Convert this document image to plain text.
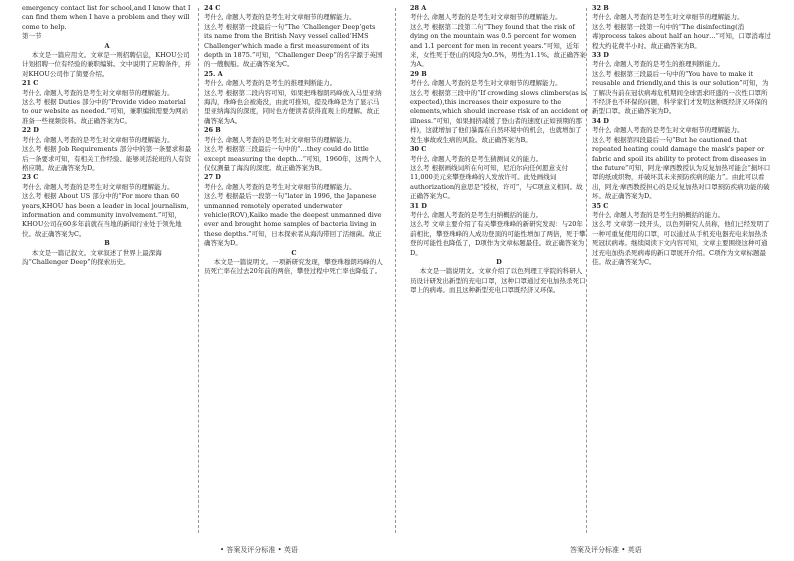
emergency contact list for school,and I know that I can find them when I have a problem and they will come to help.

第一节

A

本文是一篇应用文。文章是一则招聘信息，KHOU公司计划招聘一位有经验的兼职编辑。文中说明了应聘条件，并对KHOU公司作了简要介绍。

21 C

考什么 命题人考查的是考生对文章细节的理解能力。

这么考 根据 Duties 部分中的“Provide video material to our website as needed.”可知，兼职编辑需要为网站准备一些视频资料。故正确答案为C。

22 D

考什么 命题人考查的是考生对文章细节的理解能力。

这么考 根据 Job Requirements 部分中的第一条要求和最后一条要求可知，有相关工作经验、能够灵活轮班的人有资格应聘。故正确答案为D。

23 C

考什么 命题人考查的是考生对文章细节的理解能力。

这么考 根据 About US 部分中的“For more than 60 years,KHOU has been a leader in local journalism, information and community involvement.”可知，KHOU公司在60多年前就在当地的新闻行业处于领先地位。故正确答案为C。

B

本文是一篇记叙文。文章叙述了世界上最深海沟“Challenger Deep”的探索历史。

24 C

考什么 命题人考查的是考生对文章细节的理解能力。

这么考 根据第一段最后一句“The ‘Challenger Deep’gets its name from the British Navy vessel called‘HMS Challenger’which made a first measurement of its depth in 1875.”可知，“Challenger Deep”的名字源于英国的一艘舰船。故正确答案为C。

25. A

考什么 命题人考查的是考生的推理判断能力。

这么考 根据第二段内容可知，如果把珠穆朗玛峰放入马里亚纳海沟，珠峰也会被淹没，由此可推知，提及珠峰是为了显示马里亚纳海沟的深度，同时也方便读者获得直观上的理解。故正确答案为A。

26 B

考什么 命题人考查的是考生对文章细节的理解能力。

这么考 根据第三段最后一句中的“…they could do little except measuring the depth...”可知，1960年，这两个人仅仅测量了海沟的深度。故正确答案为B。

27 D

考什么 命题人考查的是考生对文章细节的理解能力。

这么考 根据最后一段第一句“later in 1996, the Japanese unmanned remotely operated underwater vehicle(ROV),Kaiko made the deepest unmanned dive ever and brought home samples of bacteria living in these depths.”可知，日本探索者从海沟带回了活细菌。故正确答案为D。

C

本文是一篇说明文。一项新研究发现，攀登珠穆朗玛峰的人员死亡率在过去20年前的两倍，攀登过程中死亡率也降低了。

28 A

考什么 命题人考查的是考生对文章细节的理解能力。

这么考 根据第二段第二句“They found that the risk of dying on the mountain was 0.5 percent for women and 1.1 percent for men in recent years.”可知，近年来，女性死于登山的风险为0.5%，男性为1.1%。故正确答案为A。

29 B

考什么 命题人考查的是考生对文章细节的理解能力。

这么考 根据第三段中的“If crowding slows climbers(as is expected),this increases their exposure to the elements,which should increase risk of an accident or illness.”可知，如果拥挤减缓了登山者的速度(正如预期的那样)，这就增加了他们暴露在自然环境中的机会，也就增加了发生事故或生病的风险。故正确答案为B。

30 C

考什么 命题人考查的是考生猜测词义的能力。

这么考 根据画线词所在句可知，尼泊尔向任何愿意支付11,000美元来攀登珠峰的人发放许可。此处画线词authorization的意思是“授权，许可”，与C项意义相同。故正确答案为C。

31 D

考什么 命题人考查的是考生归纳概括的能力。

这么考 文章主要介绍了有关攀登珠峰的新研究发现：与20年前相比，攀登珠峰的人成功登顶的可能性增加了两倍，死于攀登的可能性也降低了，D项作为文章标题最佳。故正确答案为D。

D

本文是一篇说明文。文章介绍了以色列理工学院的科研人员设计研发出新型的充电口罩，这种口罩通过充电加热杀死口罩上的病毒。而且这种新型充电口罩既经济又环保。

32 B

考什么 命题人考查的是考生对文章细节的理解能力。

这么考 根据第一段第一句中的“The disinfecting(消毒)process takes about half an hour…”可知，口罩消毒过程大约花费半小时。故正确答案为B。

33 D

考什么 命题人考查的是考生的推理判断能力。

这么考 根据第三段最后一句中的“You have to make it reusable and friendly,and this is our solution”可知，为了解决当前在冠状病毒危机期间全球需求旺盛的一次性口罩所不经济也不环保的问题，科学家们才发明这种既经济又环保的新型口罩。故正确答案为D。

34 D

考什么 命题人考查的是考生对文章细节的理解能力。

这么考 根据第四段最后一句“But he cautioned that repeated heating could damage the mask's paper or fabric and spoil its ability to protect from diseases in the future”可知，阿龙·摩西教授认为反复加热可能会“损坏口罩的纸或织物，并破坏其未来预防疾病的能力”。由此可以看出，阿龙·摩西教授担心的是反复加热对口罩预防疾病功能的破坏。故正确答案为D。

35 C

考什么 命题人考查的是考生归纳概括的能力。

这么考 文章第一段开头，以色列研究人员称，他们已经发明了一种可重复使用的口罩，可以通过从手机充电器充电来加热杀死冠状病毒。继续阅读下文内容可知，文章主要围绕这种可通过充电加热杀死病毒的新口罩展开介绍。C项作为文章标题最佳。故正确答案为C。

• 答案及评分标准 • 英语	答案及评分标准 • 英语
